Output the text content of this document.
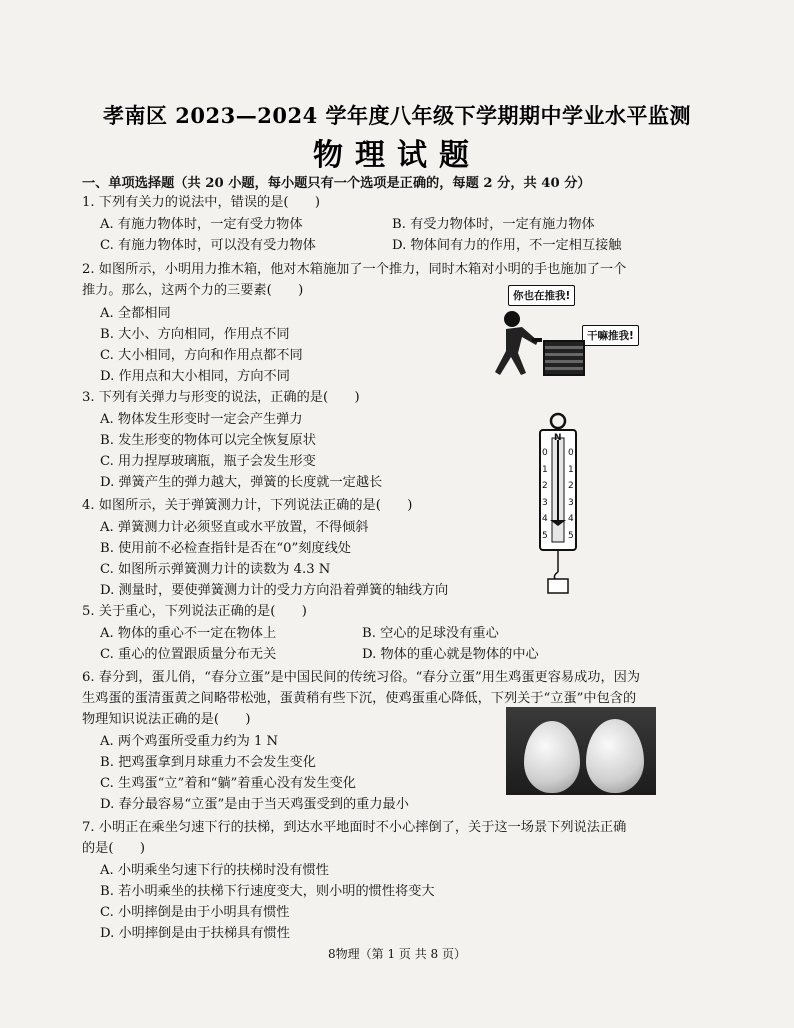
孝南区 2023—2024 学年度八年级下学期期中学业水平监测
物理试题
一、单项选择题（共 20 小题，每小题只有一个选项是正确的，每题 2 分，共 40 分）
1. 下列有关力的说法中，错误的是(　　)
A. 有施力物体时，一定有受力物体	B. 有受力物体时，一定有施力物体
C. 有施力物体时，可以没有受力物体	D. 物体间有力的作用，不一定相互接触
2. 如图所示，小明用力推木箱，他对木箱施加了一个推力，同时木箱对小明的手也施加了一个
推力。那么，这两个力的三要素(　　)
A. 全都相同
B. 大小、方向相同，作用点不同
C. 大小相同，方向和作用点都不同
D. 作用点和大小相同，方向不同
你也在推我!
干嘛推我!
3. 下列有关弹力与形变的说法，正确的是(　　)
A. 物体发生形变时一定会产生弹力
B. 发生形变的物体可以完全恢复原状
C. 用力捏厚玻璃瓶，瓶子会发生形变
D. 弹簧产生的弹力越大，弹簧的长度就一定越长
N
0
1
2
3
4
5
0
1
2
3
4
5
4. 如图所示，关于弹簧测力计，下列说法正确的是(　　)
A. 弹簧测力计必须竖直或水平放置，不得倾斜
B. 使用前不必检查指针是否在“0”刻度线处
C. 如图所示弹簧测力计的读数为 4.3 N
D. 测量时，要使弹簧测力计的受力方向沿着弹簧的轴线方向
5. 关于重心，下列说法正确的是(　　)
A. 物体的重心不一定在物体上	B. 空心的足球没有重心
C. 重心的位置跟质量分布无关	D. 物体的重心就是物体的中心
6. 春分到，蛋儿俏，“春分立蛋”是中国民间的传统习俗。“春分立蛋”用生鸡蛋更容易成功，因为
生鸡蛋的蛋清蛋黄之间略带松弛，蛋黄稍有些下沉，使鸡蛋重心降低，下列关于“立蛋”中包含的
物理知识说法正确的是(　　)
A. 两个鸡蛋所受重力约为 1 N
B. 把鸡蛋拿到月球重力不会发生变化
C. 生鸡蛋“立”着和“躺”着重心没有发生变化
D. 春分最容易“立蛋”是由于当天鸡蛋受到的重力最小
7. 小明正在乘坐匀速下行的扶梯，到达水平地面时不小心摔倒了，关于这一场景下列说法正确
的是(　　)
A. 小明乘坐匀速下行的扶梯时没有惯性
B. 若小明乘坐的扶梯下行速度变大，则小明的惯性将变大
C. 小明摔倒是由于小明具有惯性
D. 小明摔倒是由于扶梯具有惯性
8物理（第 1 页 共 8 页）
